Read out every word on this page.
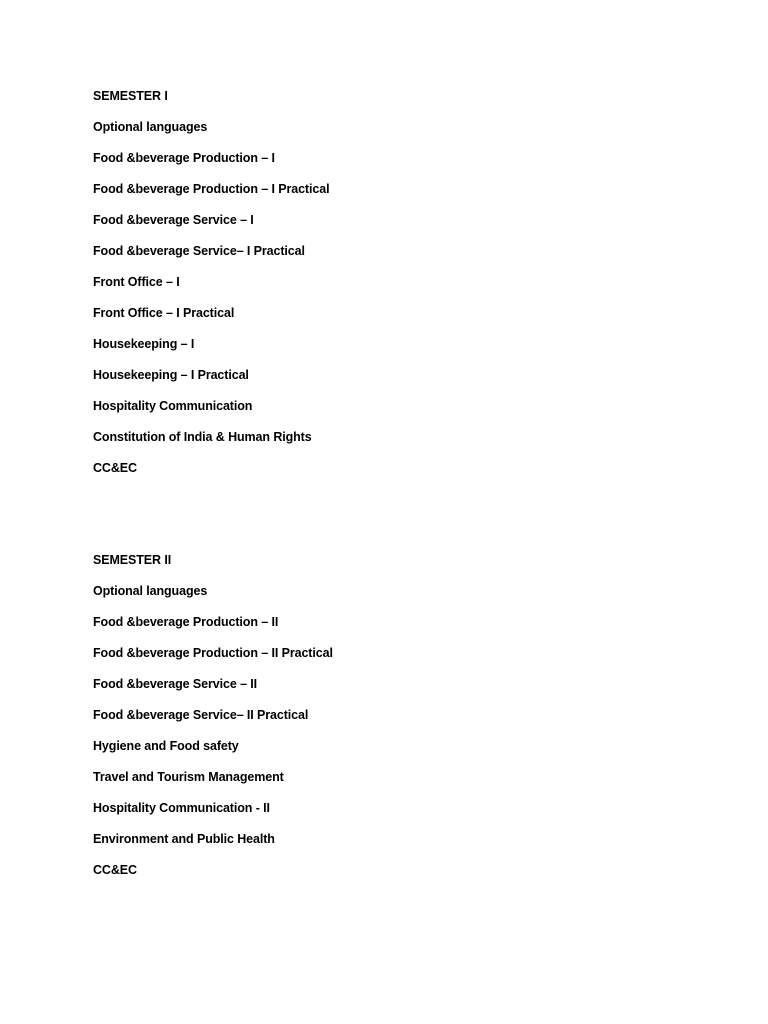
SEMESTER I
Optional languages
Food &beverage Production – I
Food &beverage Production – I Practical
Food &beverage Service – I
Food &beverage Service– I Practical
Front Office – I
Front Office – I Practical
Housekeeping – I
Housekeeping – I Practical
Hospitality Communication
Constitution of India & Human Rights
CC&EC
SEMESTER II
Optional languages
Food &beverage Production – II
Food &beverage Production – II Practical
Food &beverage Service – II
Food &beverage Service– II Practical
Hygiene and Food safety
Travel and Tourism Management
Hospitality Communication - II
Environment and Public Health
CC&EC
